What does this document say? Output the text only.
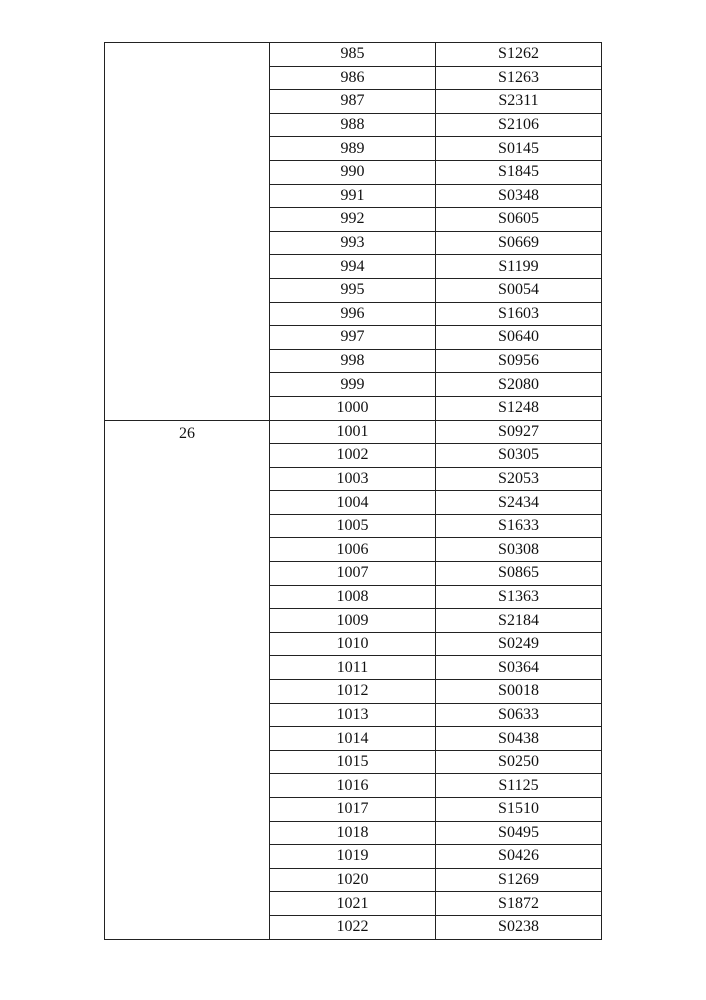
	985	S1262
	986	S1263
	987	S2311
	988	S2106
	989	S0145
	990	S1845
	991	S0348
	992	S0605
	993	S0669
	994	S1199
	995	S0054
	996	S1603
	997	S0640
	998	S0956
	999	S2080
	1000	S1248

26	1001	S0927
	1002	S0305
	1003	S2053
	1004	S2434
	1005	S1633
	1006	S0308
	1007	S0865
	1008	S1363
	1009	S2184
	1010	S0249
	1011	S0364
	1012	S0018
	1013	S0633
	1014	S0438
	1015	S0250
	1016	S1125
	1017	S1510
	1018	S0495
	1019	S0426
	1020	S1269
	1021	S1872
	1022	S0238
